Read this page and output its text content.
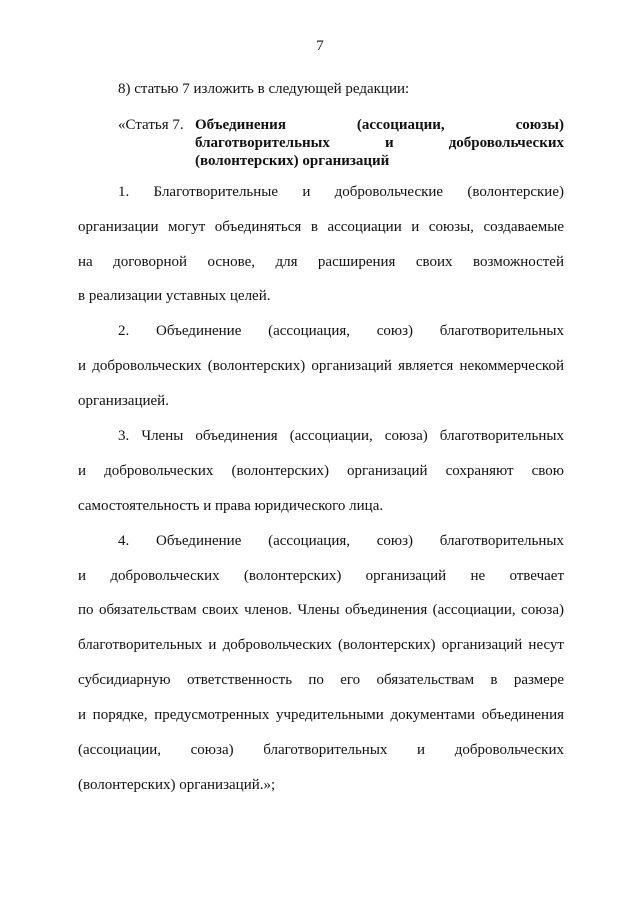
7
8) статью 7 изложить в следующей редакции:
«Статья 7. Объединения (ассоциации, союзы)
благотворительных и добровольческих
(волонтерских) организаций
1. Благотворительные и добровольческие (волонтерские)
организации могут объединяться в ассоциации и союзы, создаваемые
на договорной основе, для расширения своих возможностей
в реализации уставных целей.
2. Объединение (ассоциация, союз) благотворительных
и добровольческих (волонтерских) организаций является некоммерческой
организацией.
3. Члены объединения (ассоциации, союза) благотворительных
и добровольческих (волонтерских) организаций сохраняют свою
самостоятельность и права юридического лица.
4. Объединение (ассоциация, союз) благотворительных
и добровольческих (волонтерских) организаций не отвечает
по обязательствам своих членов. Члены объединения (ассоциации, союза)
благотворительных и добровольческих (волонтерских) организаций несут
субсидиарную ответственность по его обязательствам в размере
и порядке, предусмотренных учредительными документами объединения
(ассоциации, союза) благотворительных и добровольческих
(волонтерских) организаций.»;
